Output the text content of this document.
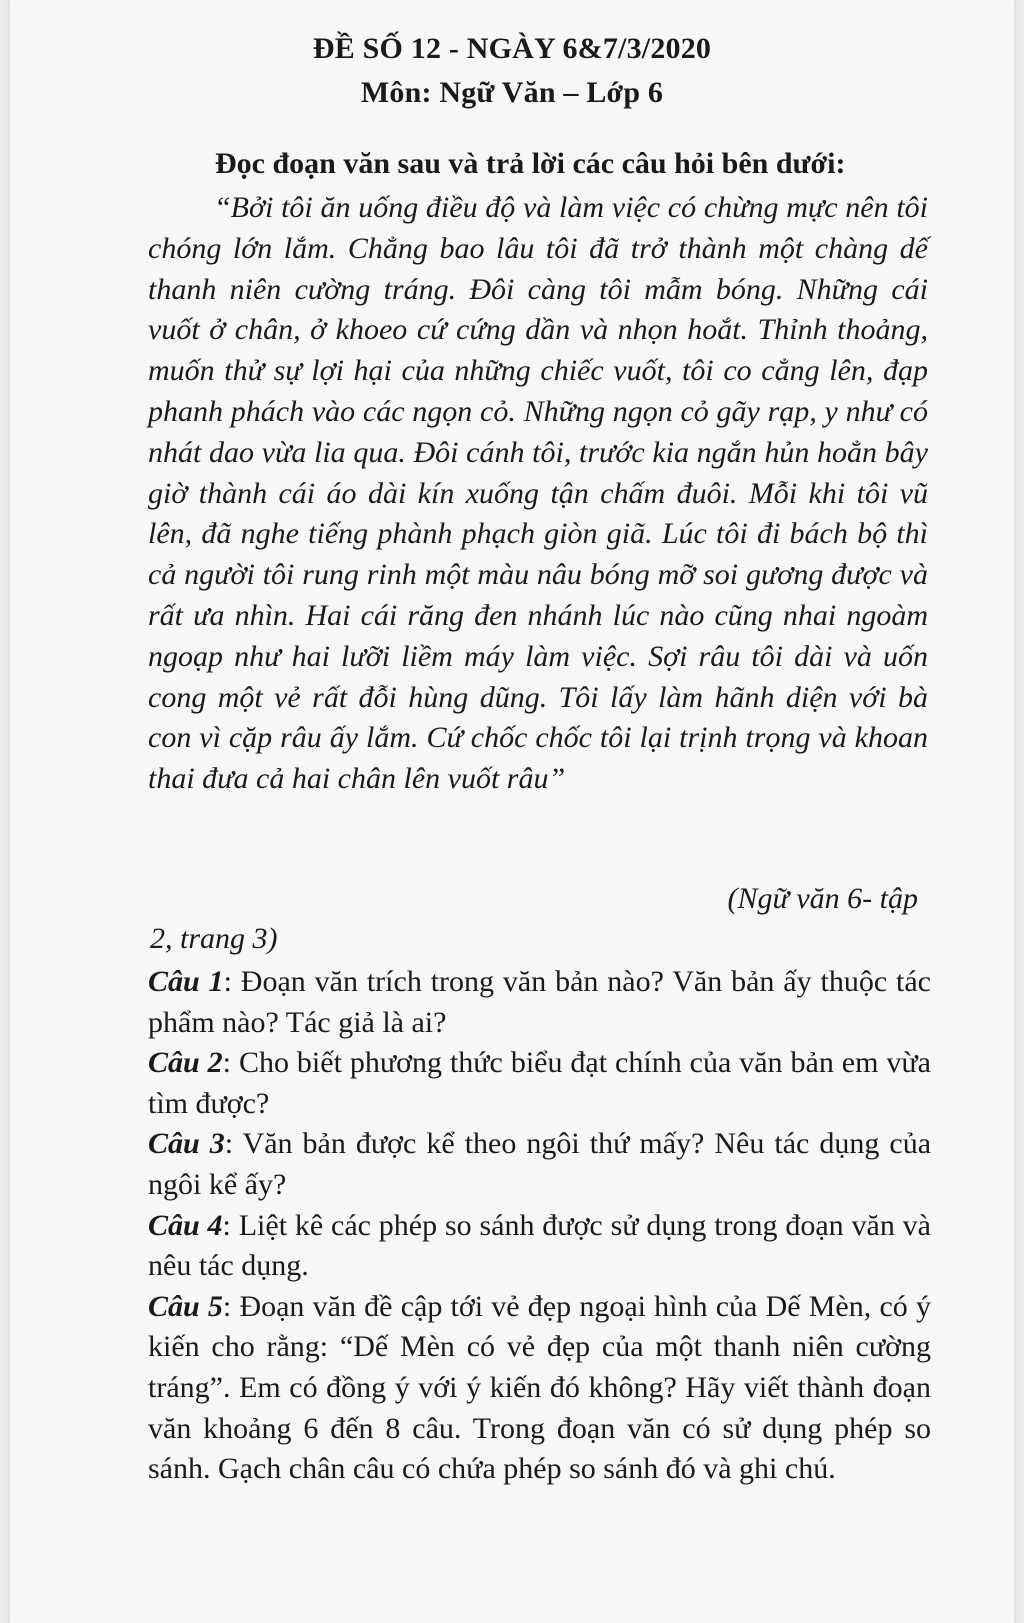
ĐỀ SỐ 12 - NGÀY 6&7/3/2020
Môn: Ngữ Văn – Lớp 6
Đọc đoạn văn sau và trả lời các câu hỏi bên dưới:

“Bởi tôi ăn uống điều độ và làm việc có chừng mực nên tôi chóng lớn lắm. Chẳng bao lâu tôi đã trở thành một chàng dế thanh niên cường tráng. Đôi càng tôi mẫm bóng. Những cái vuốt ở chân, ở khoeo cứ cứng dần và nhọn hoắt. Thỉnh thoảng, muốn thử sự lợi hại của những chiếc vuốt, tôi co cẳng lên, đạp phanh phách vào các ngọn cỏ. Những ngọn cỏ gãy rạp, y như có nhát dao vừa lia qua. Đôi cánh tôi, trước kia ngắn hủn hoẳn bây giờ thành cái áo dài kín xuống tận chấm đuôi. Mỗi khi tôi vũ lên, đã nghe tiếng phành phạch giòn giã. Lúc tôi đi bách bộ thì cả người tôi rung rinh một màu nâu bóng mỡ soi gương được và rất ưa nhìn. Hai cái răng đen nhánh lúc nào cũng nhai ngoàm ngoạp như hai lưỡi liềm máy làm việc. Sợi râu tôi dài và uốn cong một vẻ rất đỗi hùng dũng. Tôi lấy làm hãnh diện với bà con vì cặp râu ấy lắm. Cứ chốc chốc tôi lại trịnh trọng và khoan thai đưa cả hai chân lên vuốt râu”

(Ngữ văn 6- tập
2, trang 3)

Câu 1: Đoạn văn trích trong văn bản nào? Văn bản ấy thuộc tác phẩm nào? Tác giả là ai?

Câu 2: Cho biết phương thức biểu đạt chính của văn bản em vừa tìm được?

Câu 3: Văn bản được kể theo ngôi thứ mấy? Nêu tác dụng của ngôi kể ấy?

Câu 4: Liệt kê các phép so sánh được sử dụng trong đoạn văn và nêu tác dụng.

Câu 5: Đoạn văn đề cập tới vẻ đẹp ngoại hình của Dế Mèn, có ý kiến cho rằng: “Dế Mèn có vẻ đẹp của một thanh niên cường tráng”. Em có đồng ý với ý kiến đó không? Hãy viết thành đoạn văn khoảng 6 đến 8 câu. Trong đoạn văn có sử dụng phép so sánh. Gạch chân câu có chứa phép so sánh đó và ghi chú.
